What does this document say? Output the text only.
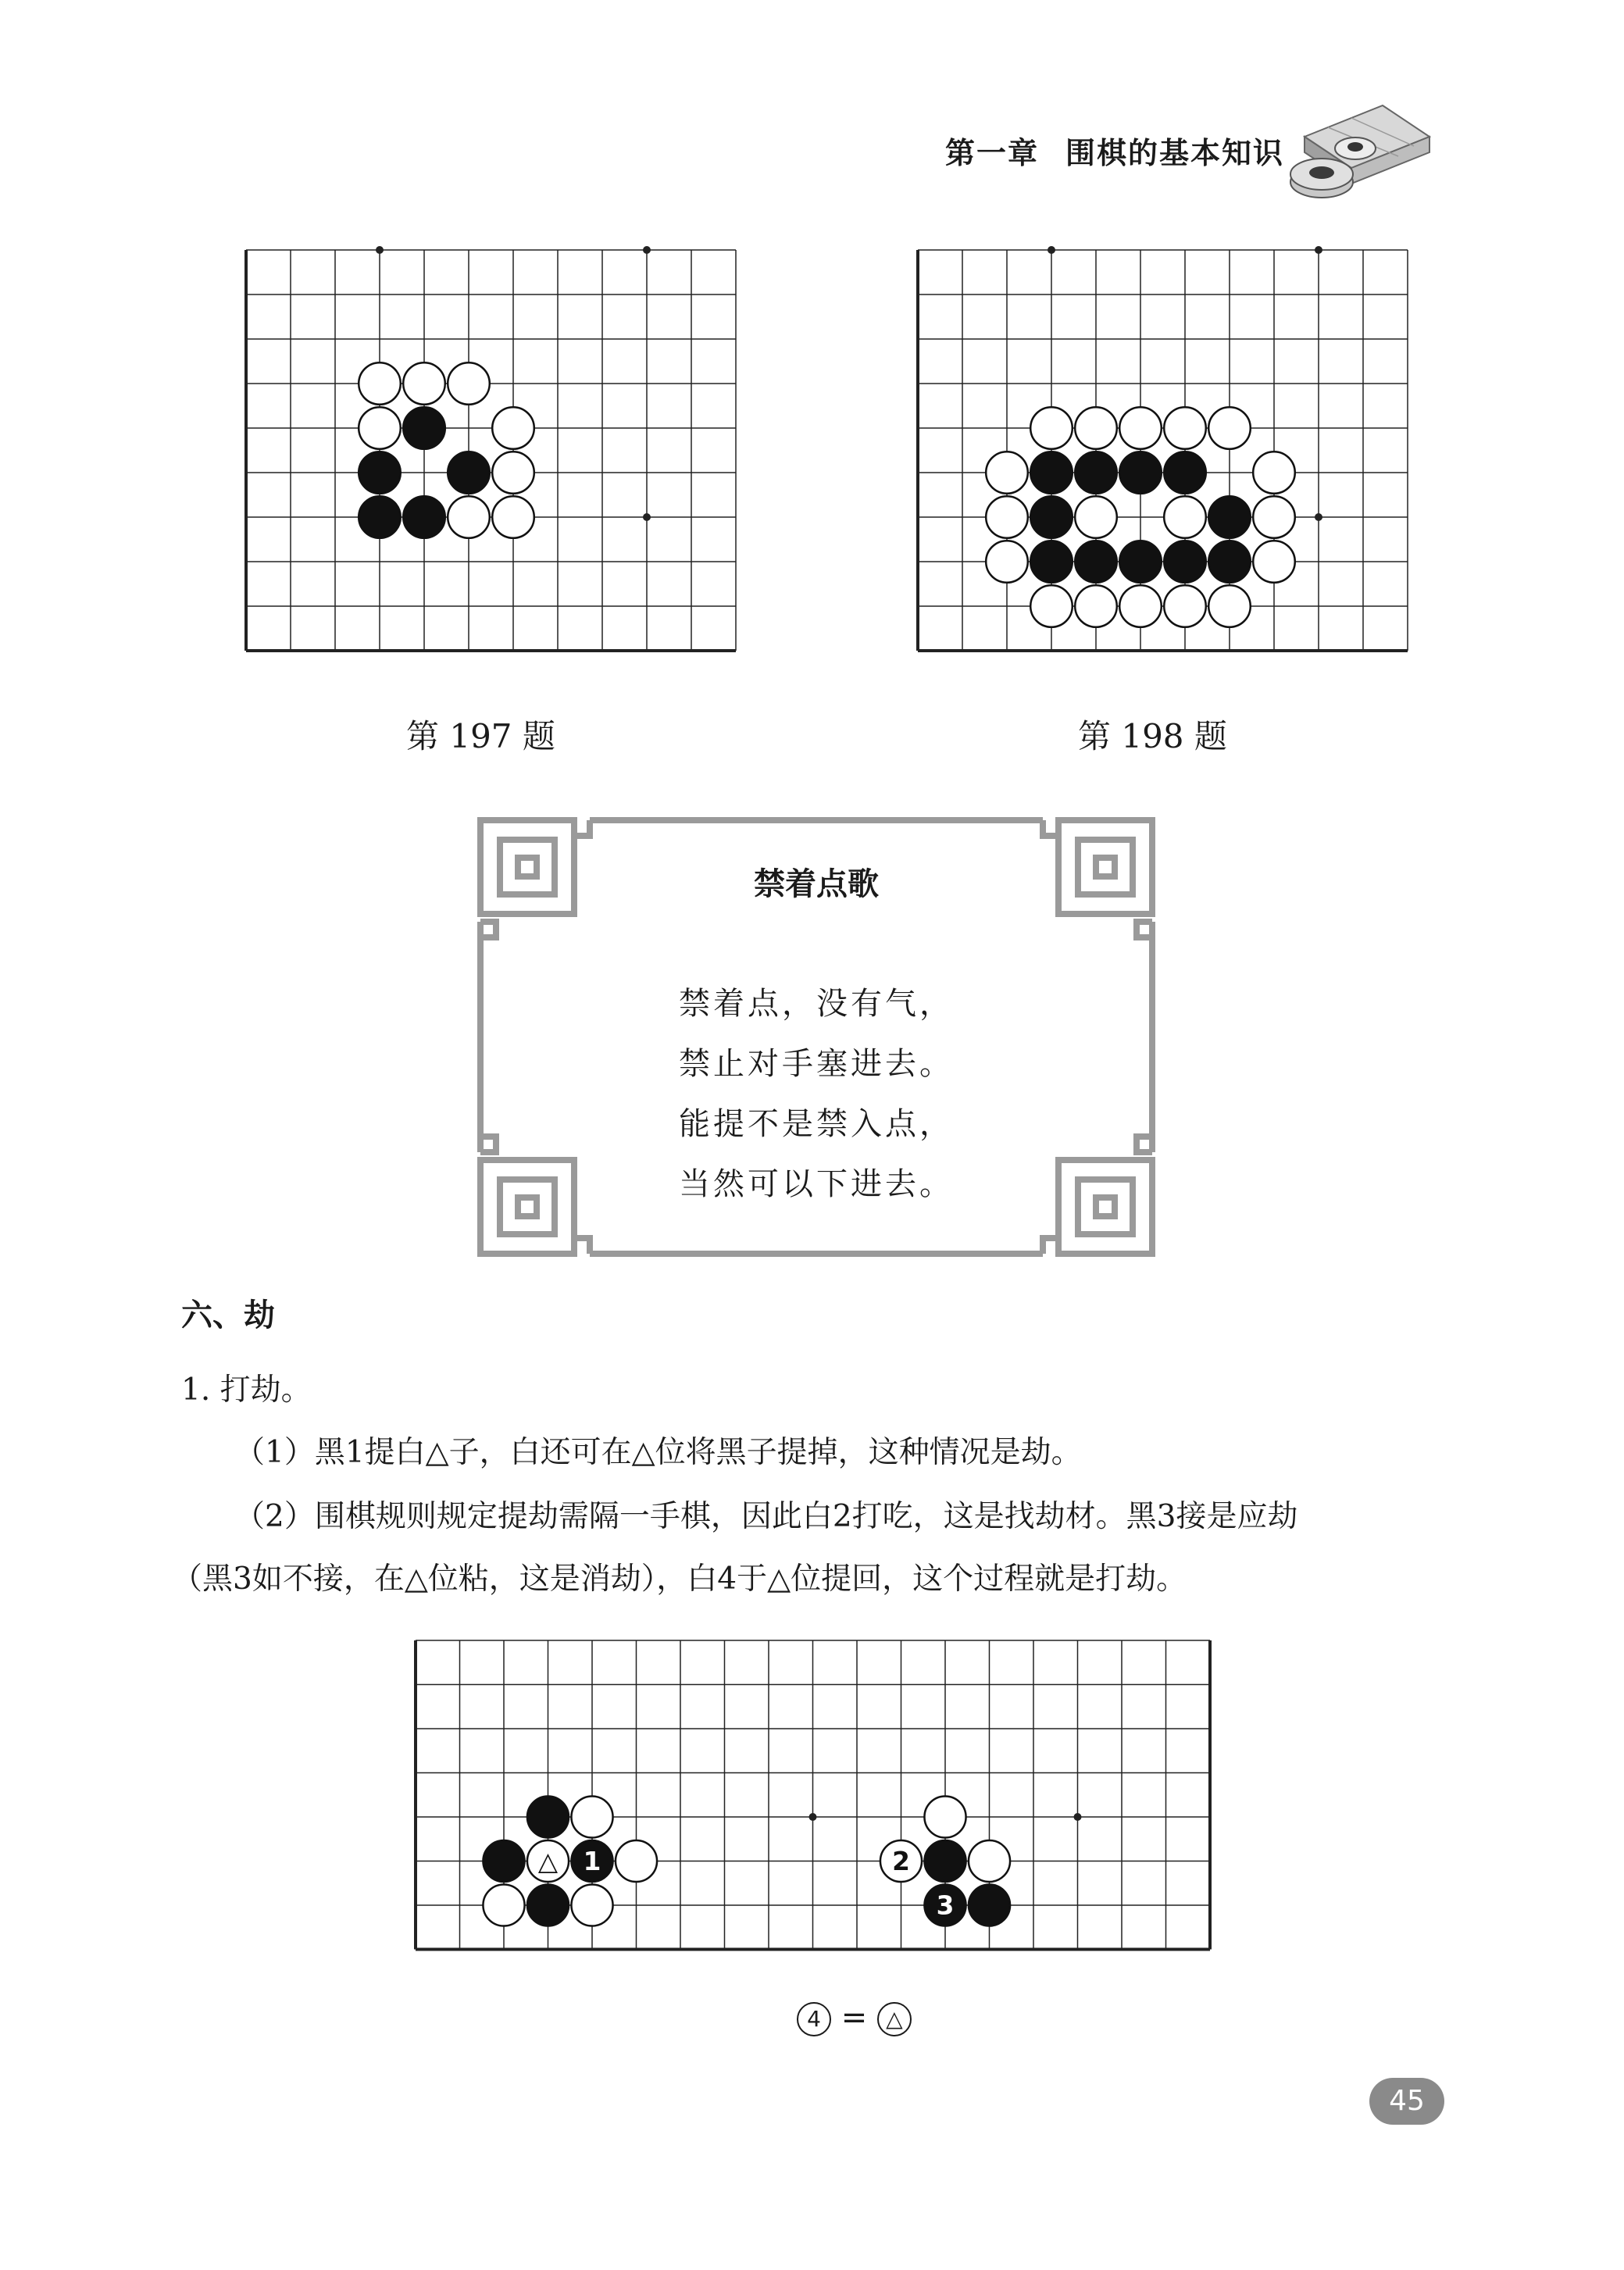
第一章 围棋的基本知识
第 197 题	第 198 题
禁着点歌
禁着点，没有气，
禁止对手塞进去。
能提不是禁入点，
当然可以下进去。
六、劫
1. 打劫。
（1）黑1提白△子，白还可在△位将黑子提掉，这种情况是劫。
（2）围棋规则规定提劫需隔一手棋，因此白2打吃，这是找劫材。黑3接是应劫
（黑3如不接，在△位粘，这是消劫），白4于△位提回，这个过程就是打劫。
△ 1	2
3
4 = △
45
